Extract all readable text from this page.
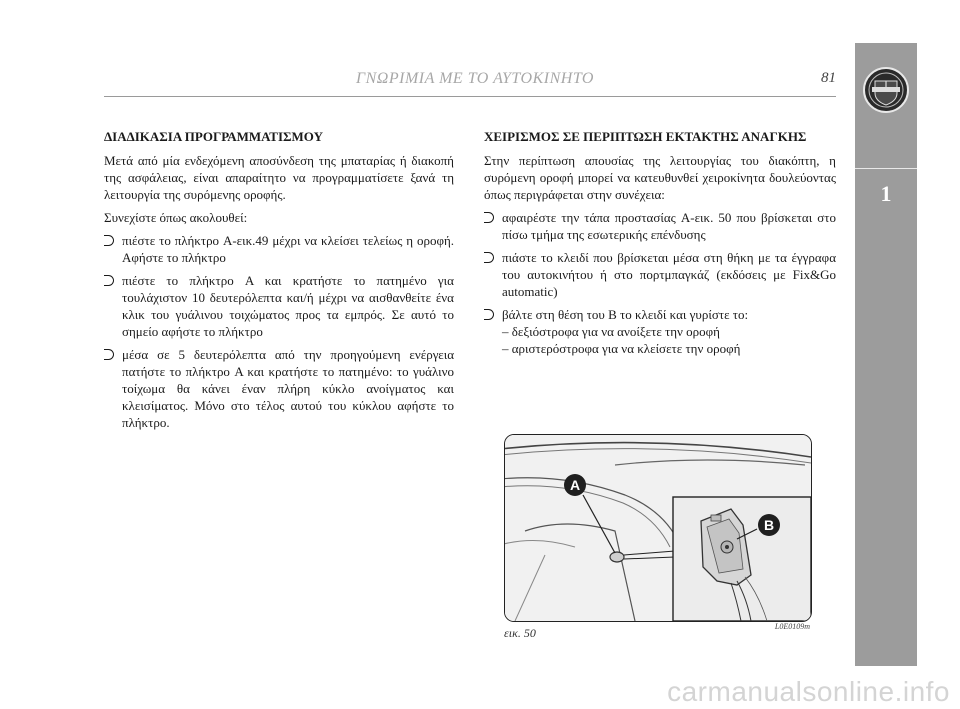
ΓΝΩΡΙΜΙΑ ΜΕ ΤΟ ΑΥΤΟΚΙΝΗΤΟ	81
1
ΔΙΑΔΙΚΑΣΙΑ ΠΡΟΓΡΑΜΜΑΤΙΣΜΟΥ

Μετά από μία ενδεχόμενη αποσύνδεση της μπαταρίας ή διακοπή της ασφάλειας, είναι απαραίτητο να προγραμματίσετε ξανά τη λειτουργία της συρόμενης οροφής.

Συνεχίστε όπως ακολουθεί:

πιέστε το πλήκτρο A-εικ.49 μέχρι να κλείσει τελείως η οροφή. Αφήστε το πλήκτρο
πιέστε το πλήκτρο A και κρατήστε το πατημένο για τουλάχιστον 10 δευτερόλεπτα και/ή μέχρι να αισθανθείτε ένα κλικ του γυάλινου τοιχώματος προς τα εμπρός. Σε αυτό το σημείο αφήστε το πλήκτρο
μέσα σε 5 δευτερόλεπτα από την προηγούμενη ενέργεια πατήστε το πλήκτρο A και κρατήστε το πατημένο: το γυάλινο τοίχωμα θα κάνει έναν πλήρη κύκλο ανοίγματος και κλεισίματος. Μόνο στο τέλος αυτού του κύκλου αφήστε το πλήκτρο.
ΧΕΙΡΙΣΜΟΣ ΣΕ ΠΕΡΙΠΤΩΣΗ ΕΚΤΑΚΤΗΣ ΑΝΑΓΚΗΣ

Στην περίπτωση απουσίας της λειτουργίας του διακόπτη, η συρόμενη οροφή μπορεί να κατευθυνθεί χειροκίνητα δουλεύοντας όπως περιγράφεται στην συνέχεια:

αφαιρέστε την τάπα προστασίας A-εικ. 50 που βρίσκεται στο πίσω τμήμα της εσωτερικής επένδυσης
πιάστε το κλειδί που βρίσκεται μέσα στη θήκη με τα έγγραφα του αυτοκινήτου ή στο πορτμπαγκάζ (εκδόσεις με Fix&Go automatic)
βάλτε στη θέση του B το κλειδί και γυρίστε το:
– δεξιόστροφα για να ανοίξετε την οροφή
– αριστερόστροφα για να κλείσετε την οροφή
A
B
εικ. 50	L0E0109m
carmanualsonline.info
